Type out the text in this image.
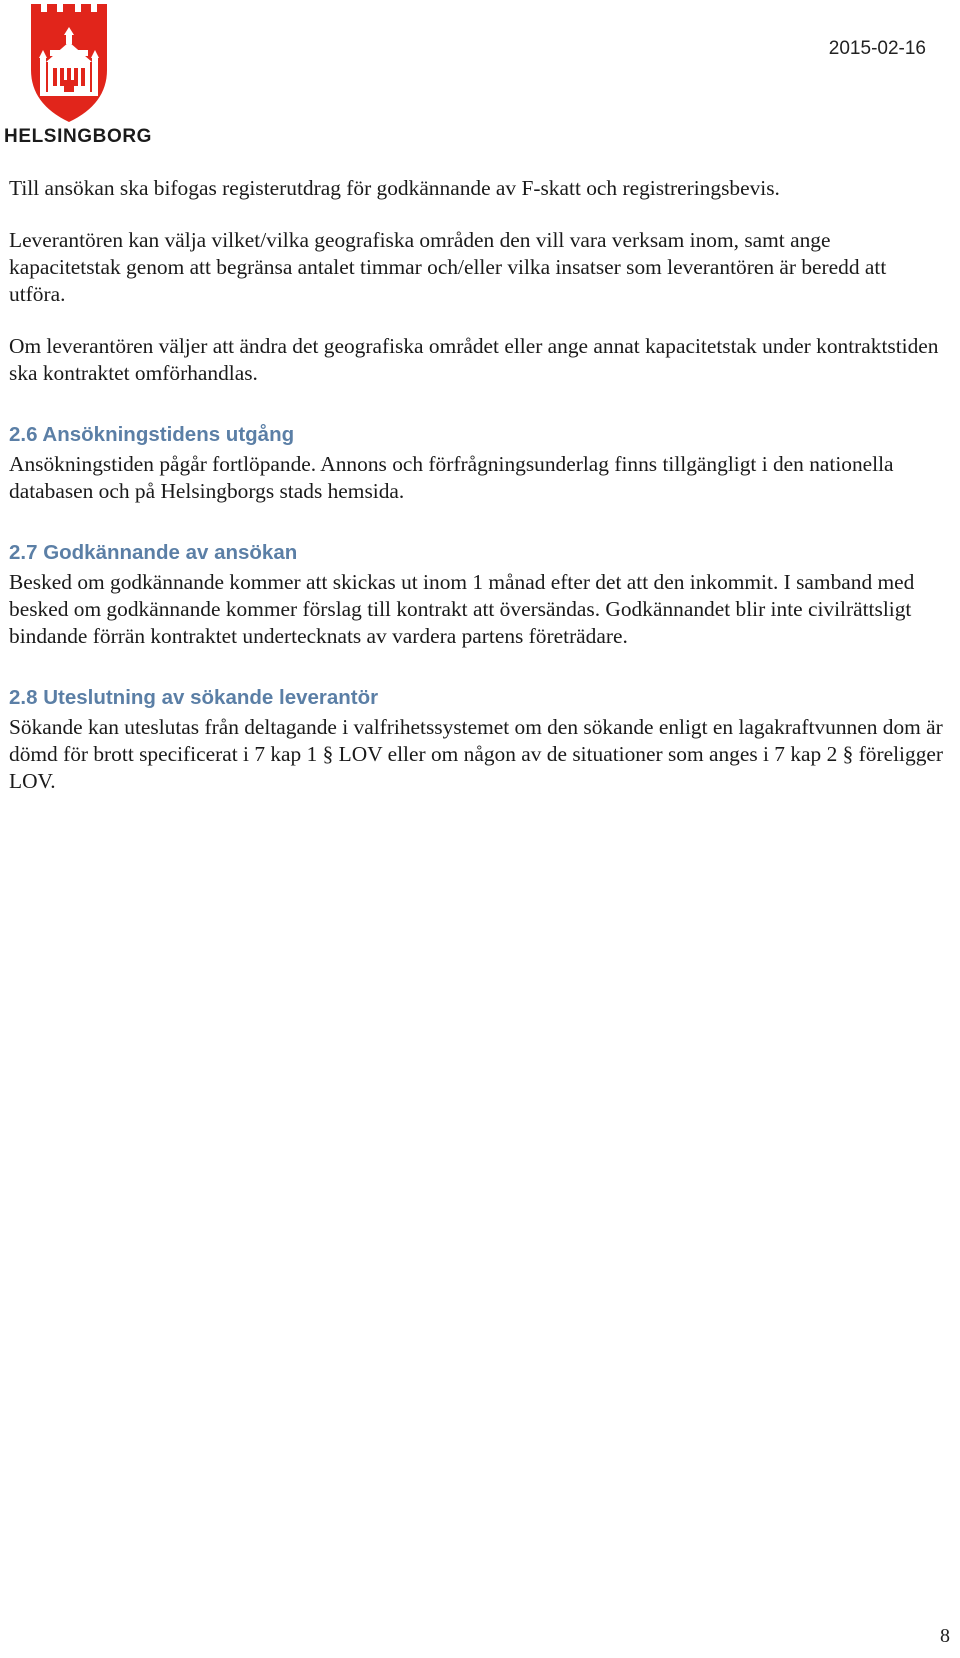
HELSINGBORG
2015-02-16

Till ansökan ska bifogas registerutdrag för godkännande av F-skatt och registreringsbevis.

Leverantören kan välja vilket/vilka geografiska områden den vill vara verksam inom, samt ange kapacitetstak genom att begränsa antalet timmar och/eller vilka insatser som leverantören är beredd att utföra.

Om leverantören väljer att ändra det geografiska området eller ange annat kapacitetstak under kontraktstiden ska kontraktet omförhandlas.

2.6 Ansökningstidens utgång

Ansökningstiden pågår fortlöpande. Annons och förfrågningsunderlag finns tillgängligt i den nationella databasen och på Helsingborgs stads hemsida.

2.7 Godkännande av ansökan

Besked om godkännande kommer att skickas ut inom 1 månad efter det att den inkommit. I samband med besked om godkännande kommer förslag till kontrakt att översändas. Godkännandet blir inte civilrättsligt bindande förrän kontraktet undertecknats av vardera partens företrädare.

2.8 Uteslutning av sökande leverantör

Sökande kan uteslutas från deltagande i valfrihetssystemet om den sökande enligt en lagakraftvunnen dom är dömd för brott specificerat i 7 kap 1 § LOV eller om någon av de situationer som anges i 7 kap 2 § föreligger LOV.

8
